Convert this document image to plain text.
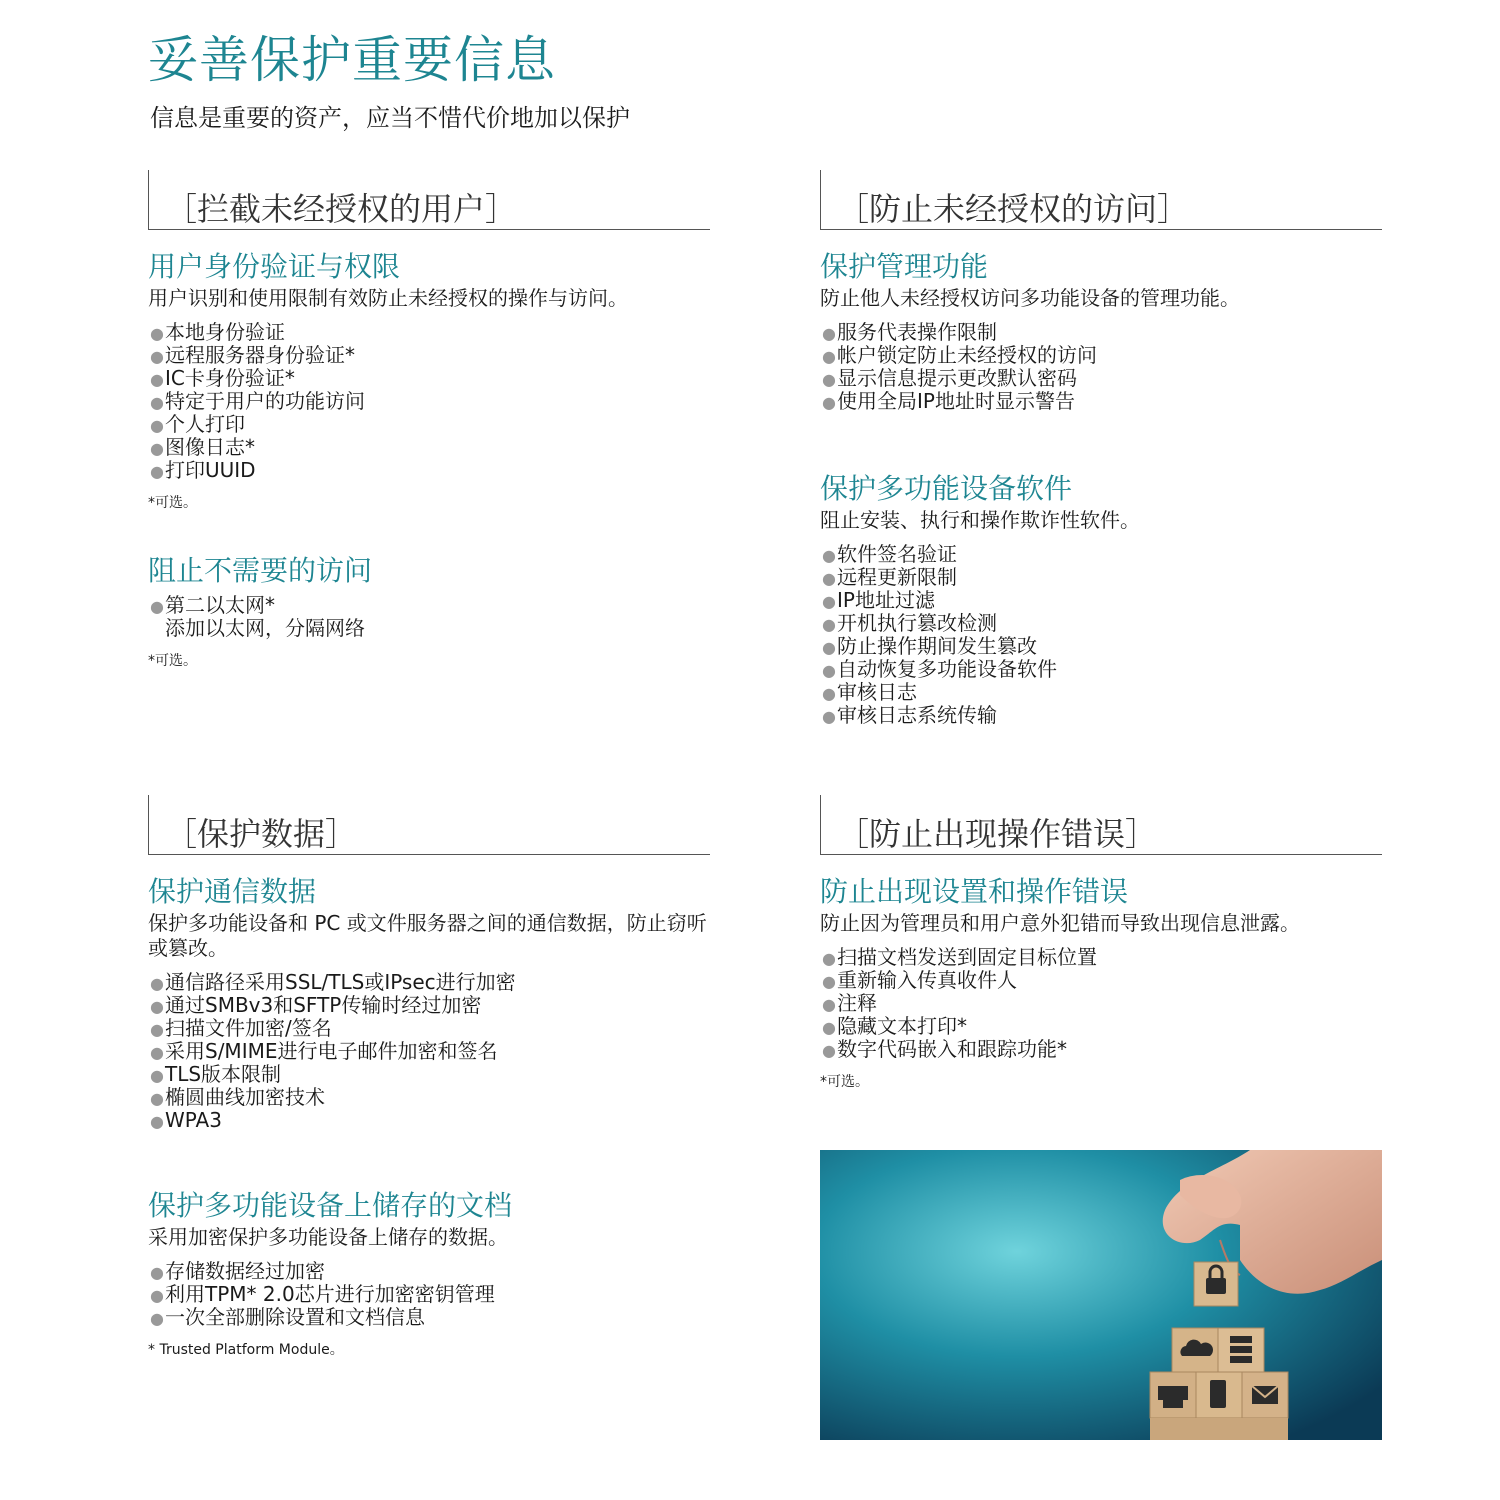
妥善保护重要信息

信息是重要的资产，应当不惜代价地加以保护

［拦截未经授权的用户］
用户身份验证与权限
用户识别和使用限制有效防止未经授权的操作与访问。
● 本地身份验证
● 远程服务器身份验证*
● IC卡身份验证*
● 特定于用户的功能访问
● 个人打印
● 图像日志*
● 打印UUID
*可选。
阻止不需要的访问
● 第二以太网*
添加以太网，分隔网络
*可选。
［防止未经授权的访问］
保护管理功能
防止他人未经授权访问多功能设备的管理功能。
● 服务代表操作限制
● 帐户锁定防止未经授权的访问
● 显示信息提示更改默认密码
● 使用全局IP地址时显示警告
保护多功能设备软件
阻止安装、执行和操作欺诈性软件。
● 软件签名验证
● 远程更新限制
● IP地址过滤
● 开机执行篡改检测
● 防止操作期间发生篡改
● 自动恢复多功能设备软件
● 审核日志
● 审核日志系统传输
［保护数据］
保护通信数据
保护多功能设备和 PC 或文件服务器之间的通信数据，防止窃听或篡改。
● 通信路径采用SSL/TLS或IPsec进行加密
● 通过SMBv3和SFTP传输时经过加密
● 扫描文件加密/签名
● 采用S/MIME进行电子邮件加密和签名
● TLS版本限制
● 椭圆曲线加密技术
● WPA3
保护多功能设备上储存的文档
采用加密保护多功能设备上储存的数据。
● 存储数据经过加密
● 利用TPM* 2.0芯片进行加密密钥管理
● 一次全部删除设置和文档信息
* Trusted Platform Module。
［防止出现操作错误］
防止出现设置和操作错误
防止因为管理员和用户意外犯错而导致出现信息泄露。
● 扫描文档发送到固定目标位置
● 重新输入传真收件人
● 注释
● 隐藏文本打印*
● 数字代码嵌入和跟踪功能*
*可选。
